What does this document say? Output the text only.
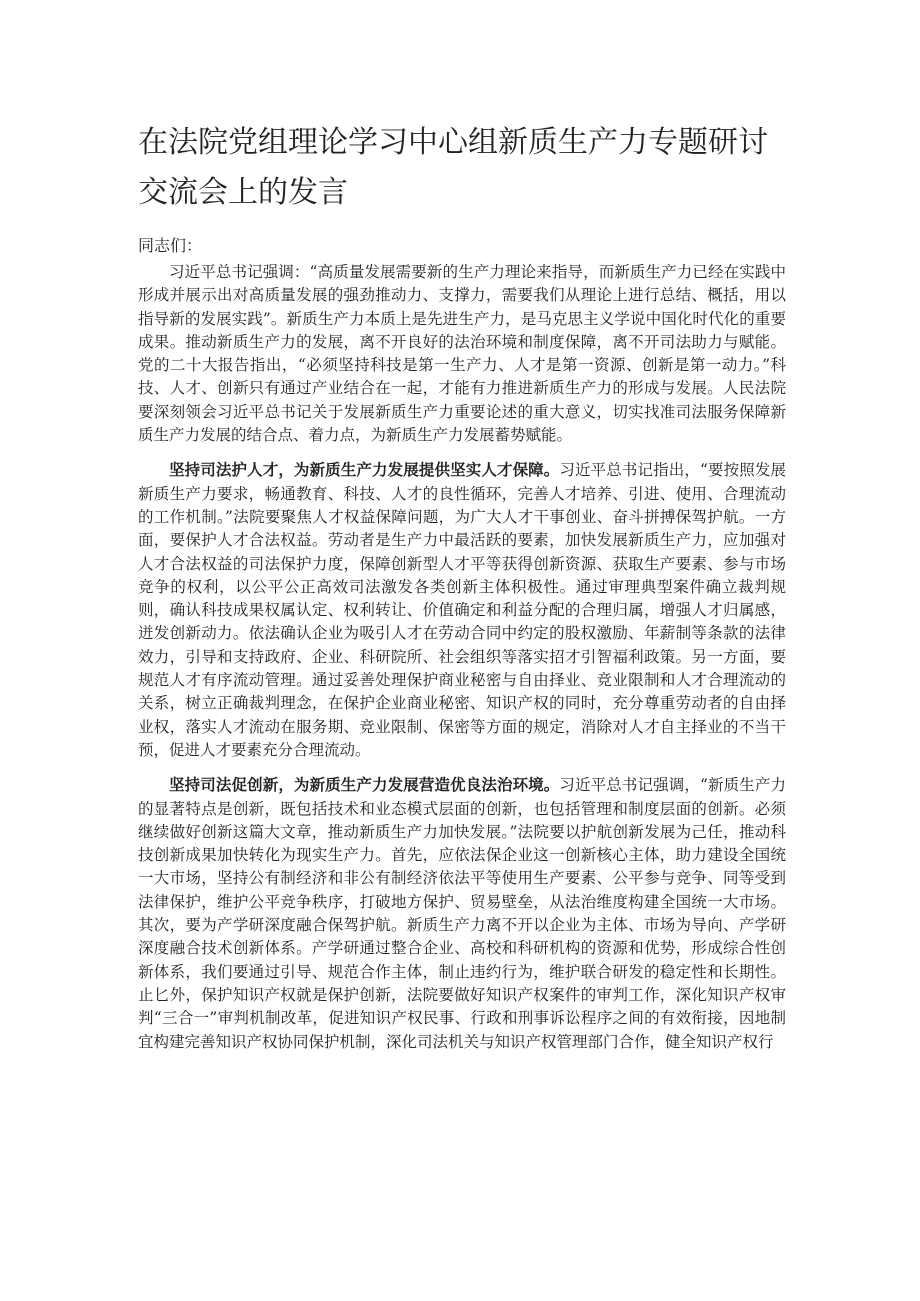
在法院党组理论学习中心组新质生产力专题研讨交流会上的发言

同志们：

习近平总书记强调：“高质量发展需要新的生产力理论来指导，而新质生产力已经在实践中形成并展示出对高质量发展的强劲推动力、支撑力，需要我们从理论上进行总结、概括，用以指导新的发展实践”。新质生产力本质上是先进生产力，是马克思主义学说中国化时代化的重要成果。推动新质生产力的发展，离不开良好的法治环境和制度保障，离不开司法助力与赋能。党的二十大报告指出，“必须坚持科技是第一生产力、人才是第一资源、创新是第一动力。”科技、人才、创新只有通过产业结合在一起，才能有力推进新质生产力的形成与发展。人民法院要深刻领会习近平总书记关于发展新质生产力重要论述的重大意义，切实找准司法服务保障新质生产力发展的结合点、着力点，为新质生产力发展蓄势赋能。

坚持司法护人才，为新质生产力发展提供坚实人才保障。习近平总书记指出，“要按照发展新质生产力要求，畅通教育、科技、人才的良性循环，完善人才培养、引进、使用、合理流动的工作机制。”法院要聚焦人才权益保障问题，为广大人才干事创业、奋斗拼搏保驾护航。一方面，要保护人才合法权益。劳动者是生产力中最活跃的要素，加快发展新质生产力，应加强对人才合法权益的司法保护力度，保障创新型人才平等获得创新资源、获取生产要素、参与市场竞争的权利，以公平公正高效司法激发各类创新主体积极性。通过审理典型案件确立裁判规则，确认科技成果权属认定、权利转让、价值确定和利益分配的合理归属，增强人才归属感，迸发创新动力。依法确认企业为吸引人才在劳动合同中约定的股权激励、年薪制等条款的法律效力，引导和支持政府、企业、科研院所、社会组织等落实招才引智福利政策。另一方面，要规范人才有序流动管理。通过妥善处理保护商业秘密与自由择业、竞业限制和人才合理流动的关系，树立正确裁判理念，在保护企业商业秘密、知识产权的同时，充分尊重劳动者的自由择业权，落实人才流动在服务期、竞业限制、保密等方面的规定，消除对人才自主择业的不当干预，促进人才要素充分合理流动。

坚持司法促创新，为新质生产力发展营造优良法治环境。习近平总书记强调，“新质生产力的显著特点是创新，既包括技术和业态模式层面的创新，也包括管理和制度层面的创新。必须继续做好创新这篇大文章，推动新质生产力加快发展。”法院要以护航创新发展为己任，推动科技创新成果加快转化为现实生产力。首先，应依法保企业这一创新核心主体，助力建设全国统一大市场，坚持公有制经济和非公有制经济依法平等使用生产要素、公平参与竞争、同等受到法律保护，维护公平竞争秩序，打破地方保护、贸易壁垒，从法治维度构建全国统一大市场。其次，要为产学研深度融合保驾护航。新质生产力离不开以企业为主体、市场为导向、产学研深度融合技术创新体系。产学研通过整合企业、高校和科研机构的资源和优势，形成综合性创新体系，我们要通过引导、规范合作主体，制止违约行为，维护联合研发的稳定性和长期性。止匕外，保护知识产权就是保护创新，法院要做好知识产权案件的审判工作，深化知识产权审判“三合一”审判机制改革，促进知识产权民事、行政和刑事诉讼程序之间的有效衔接，因地制宜构建完善知识产权协同保护机制，深化司法机关与知识产权管理部门合作，健全知识产权行
